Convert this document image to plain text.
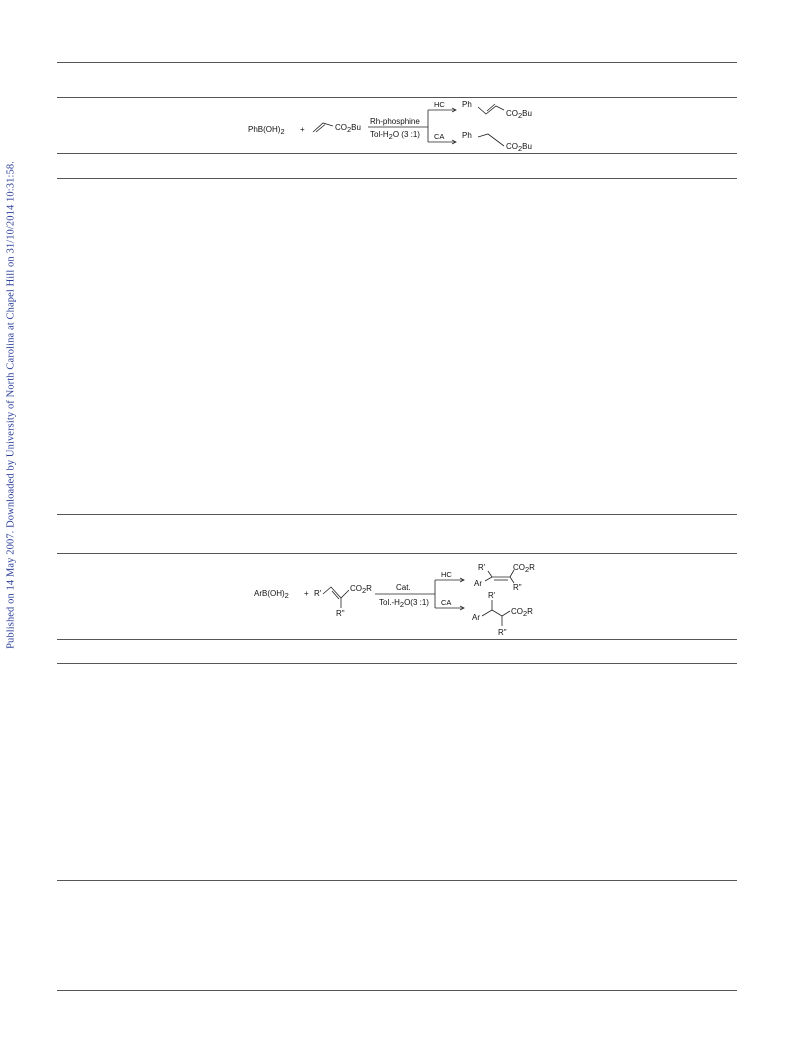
Published on 14 May 2007. Downloaded by University of North Carolina at Chapel Hill on 31/10/2014 10:31:58.
PhB(OH)2 +	CO2Bu
Rh-phosphine
Tol-H2O (3 :1)
HC
CA
Ph
CO2Bu
Ph
CO2Bu
ArB(OH)2 + R'
R"
CO2R	Cat.
Tol.-H2O(3 :1)
HC
CA
R'
Ar
CO2R
R"
R'
Ar
CO2R
R"
